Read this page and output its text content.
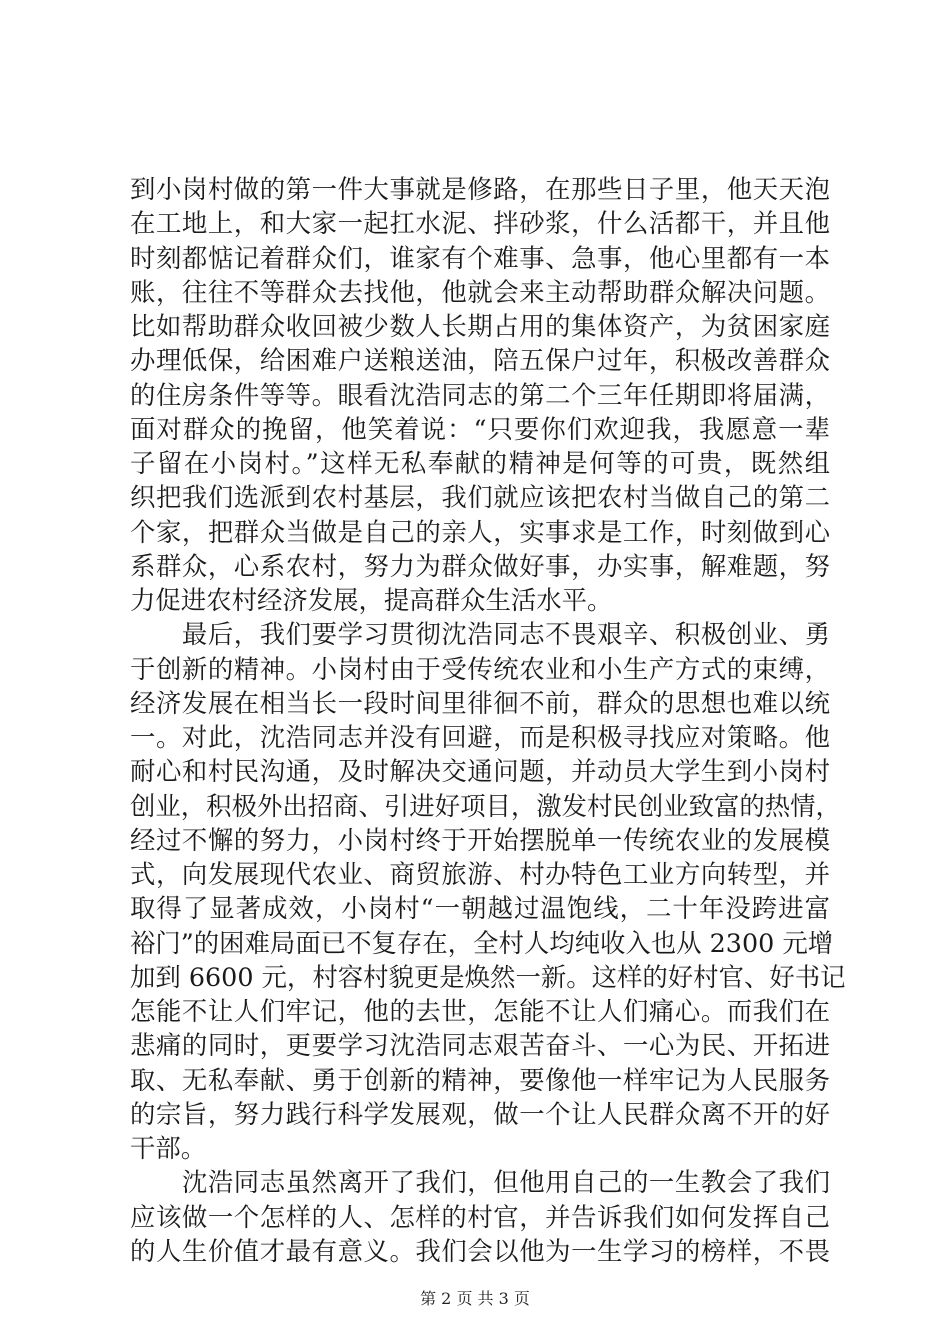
到小岗村做的第一件大事就是修路，在那些日子里，他天天泡
在工地上，和大家一起扛水泥、拌砂浆，什么活都干，并且他
时刻都惦记着群众们，谁家有个难事、急事，他心里都有一本
账，往往不等群众去找他，他就会来主动帮助群众解决问题。
比如帮助群众收回被少数人长期占用的集体资产，为贫困家庭
办理低保，给困难户送粮送油，陪五保户过年，积极改善群众
的住房条件等等。眼看沈浩同志的第二个三年任期即将届满，
面对群众的挽留，他笑着说：“只要你们欢迎我，我愿意一辈
子留在小岗村。”这样无私奉献的精神是何等的可贵，既然组
织把我们选派到农村基层，我们就应该把农村当做自己的第二
个家，把群众当做是自己的亲人，实事求是工作，时刻做到心
系群众，心系农村，努力为群众做好事，办实事，解难题，努
力促进农村经济发展，提高群众生活水平。
　　最后，我们要学习贯彻沈浩同志不畏艰辛、积极创业、勇
于创新的精神。小岗村由于受传统农业和小生产方式的束缚，
经济发展在相当长一段时间里徘徊不前，群众的思想也难以统
一。对此，沈浩同志并没有回避，而是积极寻找应对策略。他
耐心和村民沟通，及时解决交通问题，并动员大学生到小岗村
创业，积极外出招商、引进好项目，激发村民创业致富的热情，
经过不懈的努力，小岗村终于开始摆脱单一传统农业的发展模
式，向发展现代农业、商贸旅游、村办特色工业方向转型，并
取得了显著成效，小岗村“一朝越过温饱线，二十年没跨进富
裕门”的困难局面已不复存在，全村人均纯收入也从 2300 元增
加到 6600 元，村容村貌更是焕然一新。这样的好村官、好书记
怎能不让人们牢记，他的去世，怎能不让人们痛心。而我们在
悲痛的同时，更要学习沈浩同志艰苦奋斗、一心为民、开拓进
取、无私奉献、勇于创新的精神，要像他一样牢记为人民服务
的宗旨，努力践行科学发展观，做一个让人民群众离不开的好
干部。
　　沈浩同志虽然离开了我们，但他用自己的一生教会了我们
应该做一个怎样的人、怎样的村官，并告诉我们如何发挥自己
的人生价值才最有意义。我们会以他为一生学习的榜样，不畏
第 2 页 共 3 页
